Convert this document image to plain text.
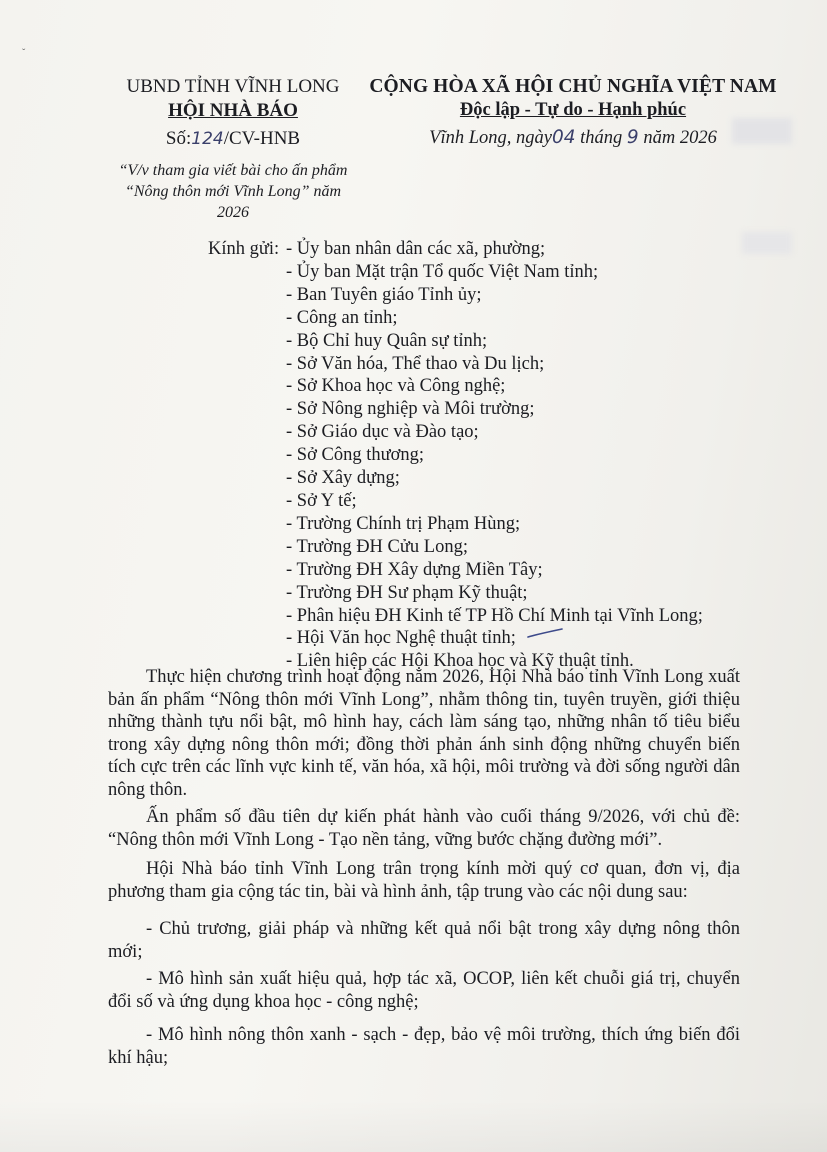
ˇ
UBND TỈNH VĨNH LONG
HỘI NHÀ BÁO
Số:124/CV-HNB
“V/v tham gia viết bài cho ấn phẩm “Nông thôn mới Vĩnh Long” năm 2026
CỘNG HÒA XÃ HỘI CHỦ NGHĨA VIỆT NAM
Độc lập - Tự do - Hạnh phúc
Vĩnh Long, ngày04 tháng 9 năm 2026
Kính gửi: - Ủy ban nhân dân các xã, phường;
- Ủy ban Mặt trận Tổ quốc Việt Nam tỉnh;
- Ban Tuyên giáo Tỉnh ủy;
- Công an tỉnh;
- Bộ Chỉ huy Quân sự tỉnh;
- Sở Văn hóa, Thể thao và Du lịch;
- Sở Khoa học và Công nghệ;
- Sở Nông nghiệp và Môi trường;
- Sở Giáo dục và Đào tạo;
- Sở Công thương;
- Sở Xây dựng;
- Sở Y tế;
- Trường Chính trị Phạm Hùng;
- Trường ĐH Cửu Long;
- Trường ĐH Xây dựng Miền Tây;
- Trường ĐH Sư phạm Kỹ thuật;
- Phân hiệu ĐH Kinh tế TP Hồ Chí Minh tại Vĩnh Long;
- Hội Văn học Nghệ thuật tỉnh;
- Liên hiệp các Hội Khoa học và Kỹ thuật tỉnh.
Thực hiện chương trình hoạt động năm 2026, Hội Nhà báo tỉnh Vĩnh Long xuất bản ấn phẩm “Nông thôn mới Vĩnh Long”, nhằm thông tin, tuyên truyền, giới thiệu những thành tựu nổi bật, mô hình hay, cách làm sáng tạo, những nhân tố tiêu biểu trong xây dựng nông thôn mới; đồng thời phản ánh sinh động những chuyển biến tích cực trên các lĩnh vực kinh tế, văn hóa, xã hội, môi trường và đời sống người dân nông thôn.
Ấn phẩm số đầu tiên dự kiến phát hành vào cuối tháng 9/2026, với chủ đề: “Nông thôn mới Vĩnh Long - Tạo nền tảng, vững bước chặng đường mới”.
Hội Nhà báo tỉnh Vĩnh Long trân trọng kính mời quý cơ quan, đơn vị, địa phương tham gia cộng tác tin, bài và hình ảnh, tập trung vào các nội dung sau:
- Chủ trương, giải pháp và những kết quả nổi bật trong xây dựng nông thôn mới;
- Mô hình sản xuất hiệu quả, hợp tác xã, OCOP, liên kết chuỗi giá trị, chuyển đổi số và ứng dụng khoa học - công nghệ;
- Mô hình nông thôn xanh - sạch - đẹp, bảo vệ môi trường, thích ứng biến đổi khí hậu;
